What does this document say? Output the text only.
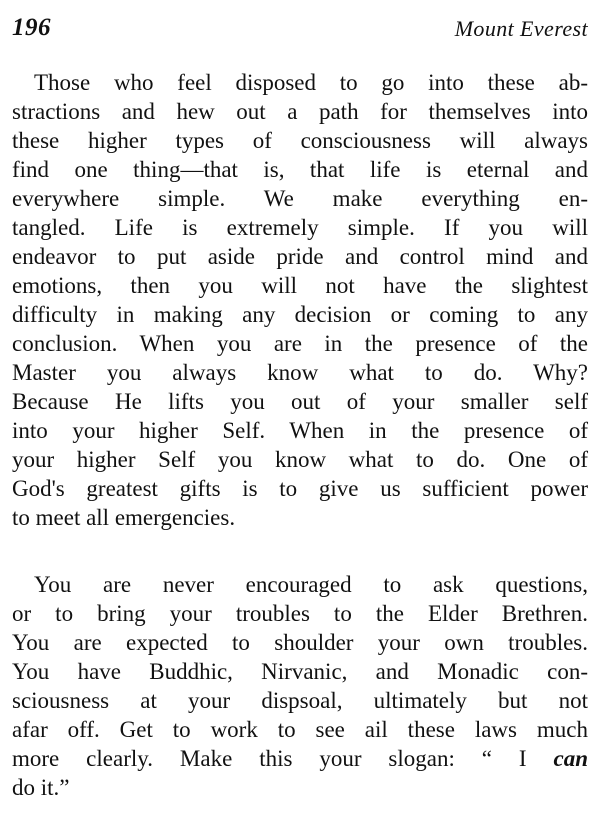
196	Mount Everest
Those who feel disposed to go into these ab-
stractions and hew out a path for themselves into
these higher types of consciousness will always
find one thing—that is, that life is eternal and
everywhere simple. We make everything en-
tangled. Life is extremely simple. If you will
endeavor to put aside pride and control mind and
emotions, then you will not have the slightest
difficulty in making any decision or coming to any
conclusion. When you are in the presence of the
Master you always know what to do. Why?
Because He lifts you out of your smaller self
into your higher Self. When in the presence of
your higher Self you know what to do. One of
God's greatest gifts is to give us sufficient power
to meet all emergencies.
You are never encouraged to ask questions,
or to bring your troubles to the Elder Brethren.
You are expected to shoulder your own troubles.
You have Buddhic, Nirvanic, and Monadic con-
sciousness at your dispsoal, ultimately but not
afar off. Get to work to see ail these laws much
more clearly. Make this your slogan: “ I can
do it.”
